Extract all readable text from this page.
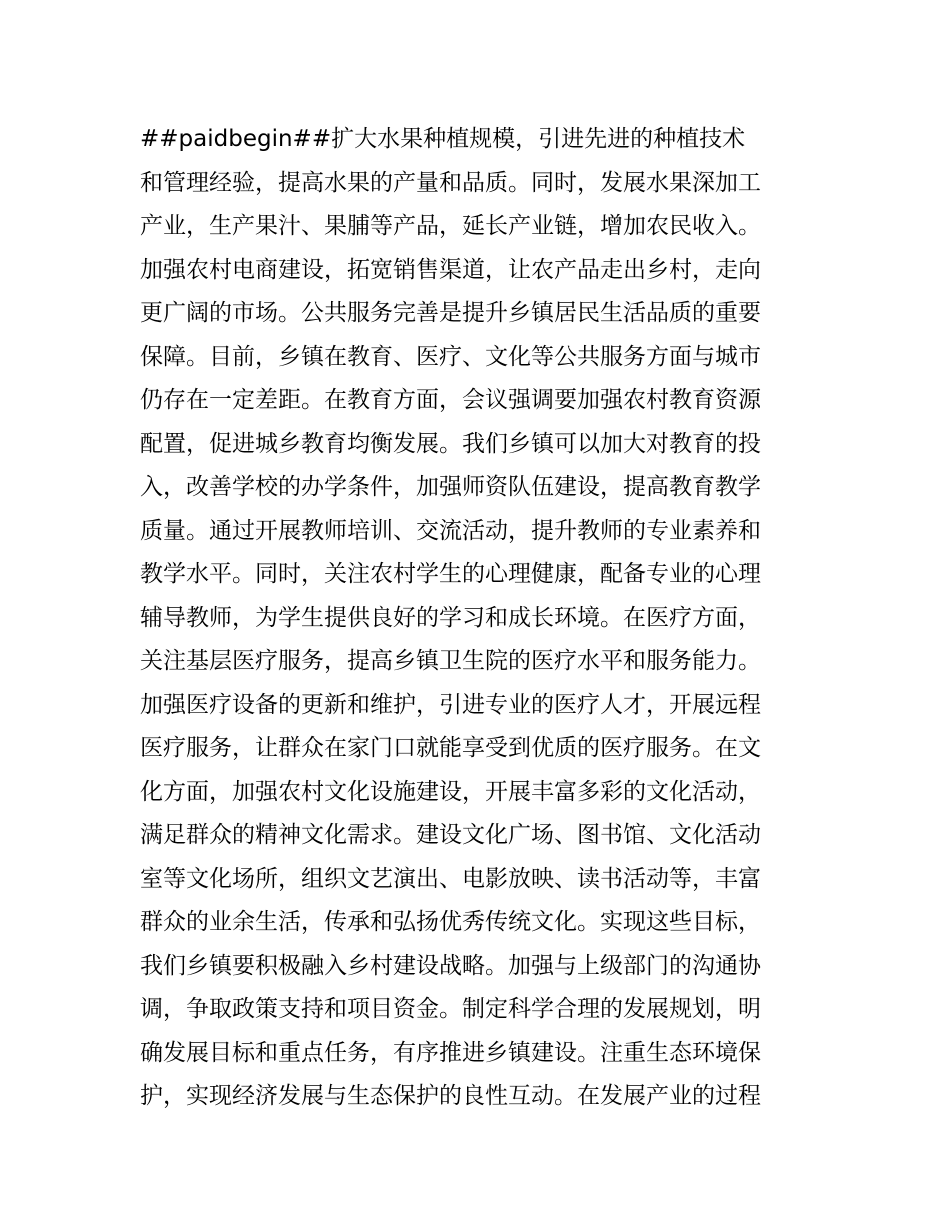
##paidbegin##扩大水果种植规模，引进先进的种植技术
和管理经验，提高水果的产量和品质。同时，发展水果深加工
产业，生产果汁、果脯等产品，延长产业链，增加农民收入。
加强农村电商建设，拓宽销售渠道，让农产品走出乡村，走向
更广阔的市场。公共服务完善是提升乡镇居民生活品质的重要
保障。目前，乡镇在教育、医疗、文化等公共服务方面与城市
仍存在一定差距。在教育方面，会议强调要加强农村教育资源
配置，促进城乡教育均衡发展。我们乡镇可以加大对教育的投
入，改善学校的办学条件，加强师资队伍建设，提高教育教学
质量。通过开展教师培训、交流活动，提升教师的专业素养和
教学水平。同时，关注农村学生的心理健康，配备专业的心理
辅导教师，为学生提供良好的学习和成长环境。在医疗方面，
关注基层医疗服务，提高乡镇卫生院的医疗水平和服务能力。
加强医疗设备的更新和维护，引进专业的医疗人才，开展远程
医疗服务，让群众在家门口就能享受到优质的医疗服务。在文
化方面，加强农村文化设施建设，开展丰富多彩的文化活动，
满足群众的精神文化需求。建设文化广场、图书馆、文化活动
室等文化场所，组织文艺演出、电影放映、读书活动等，丰富
群众的业余生活，传承和弘扬优秀传统文化。实现这些目标，
我们乡镇要积极融入乡村建设战略。加强与上级部门的沟通协
调，争取政策支持和项目资金。制定科学合理的发展规划，明
确发展目标和重点任务，有序推进乡镇建设。注重生态环境保
护，实现经济发展与生态保护的良性互动。在发展产业的过程
